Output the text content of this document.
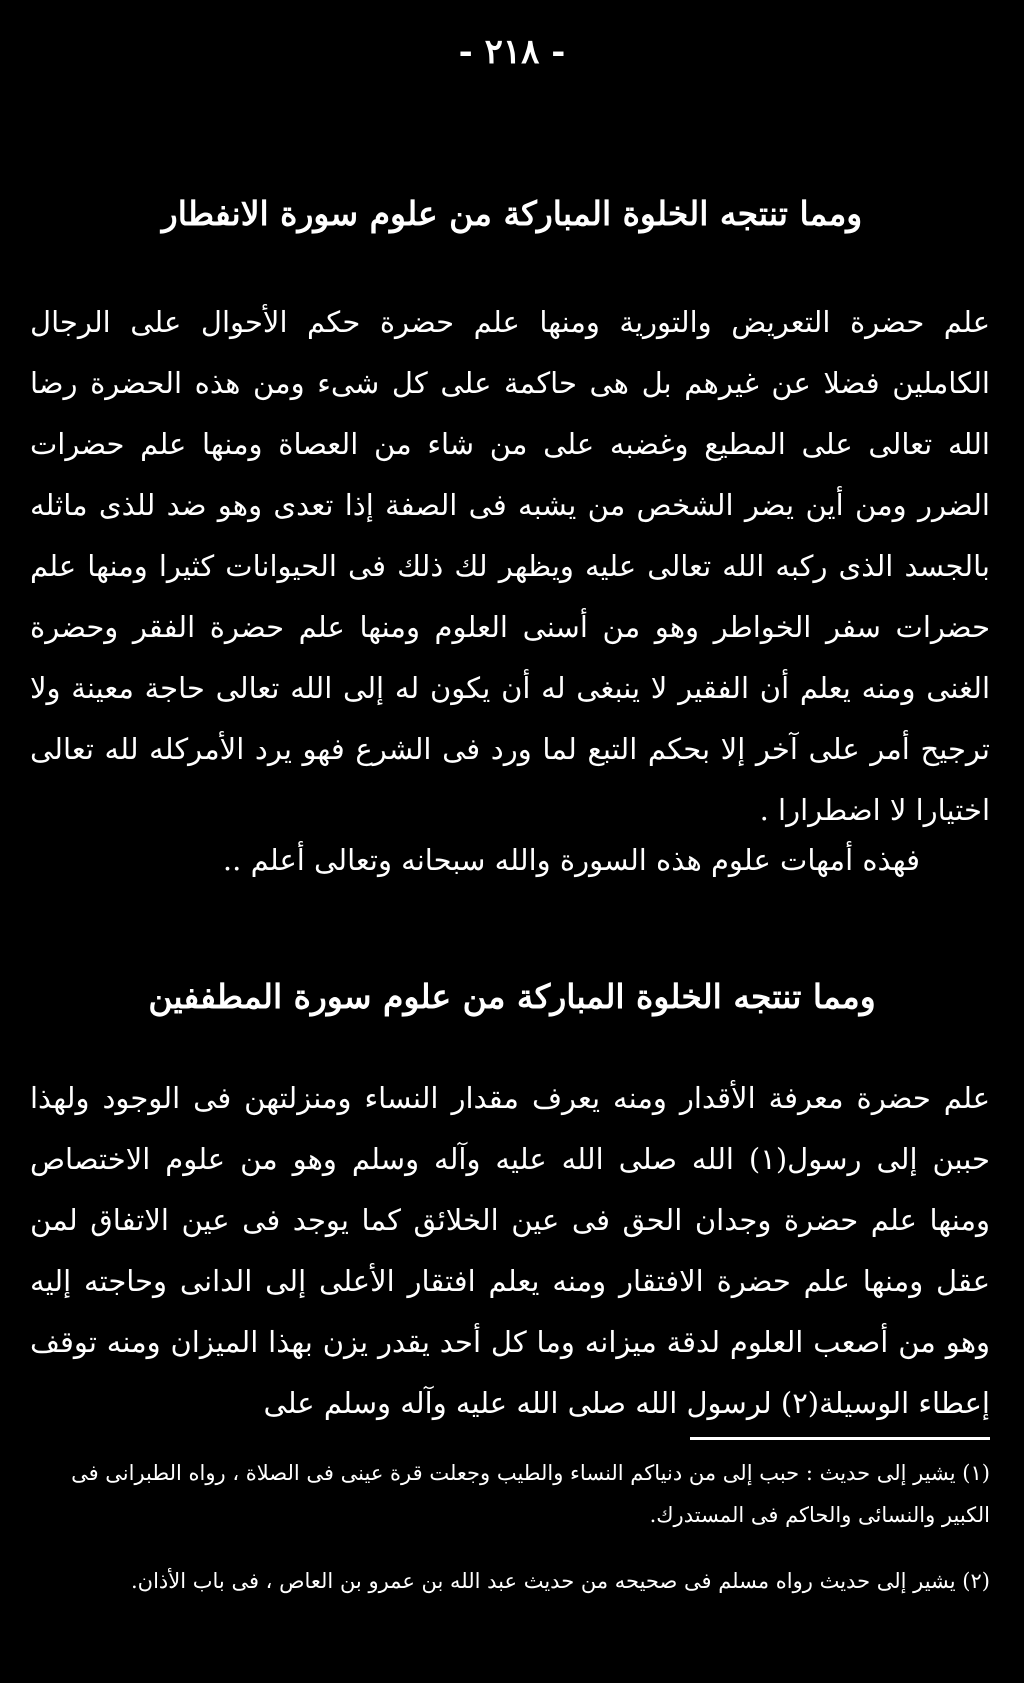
- ٢١٨ -
ومما تنتجه الخلوة المباركة من علوم سورة الانفطار

علم حضرة التعريض والتورية ومنها علم حضرة حكم الأحوال على الرجال الكاملين فضلا عن غيرهم بل هى حاكمة على كل شىء ومن هذه الحضرة رضا الله تعالى على المطيع وغضبه على من شاء من العصاة ومنها علم حضرات الضرر ومن أين يضر الشخص من يشبه فى الصفة إذا تعدى وهو ضد للذى ماثله بالجسد الذى ركبه الله تعالى عليه ويظهر لك ذلك فى الحيوانات كثيرا ومنها علم حضرات سفر الخواطر وهو من أسنى العلوم ومنها علم حضرة الفقر وحضرة الغنى ومنه يعلم أن الفقير لا ينبغى له أن يكون له إلى الله تعالى حاجة معينة ولا ترجيح أمر على آخر إلا بحكم التبع لما ورد فى الشرع فهو يرد الأمركله لله تعالى اختيارا لا اضطرارا .

فهذه أمهات علوم هذه السورة والله سبحانه وتعالى أعلم ..
ومما تنتجه الخلوة المباركة من علوم سورة المطففين

علم حضرة معرفة الأقدار ومنه يعرف مقدار النساء ومنزلتهن فى الوجود ولهذا حببن إلى رسول(١) الله صلى الله عليه وآله وسلم وهو من علوم الاختصاص ومنها علم حضرة وجدان الحق فى عين الخلائق كما يوجد فى عين الاتفاق لمن عقل ومنها علم حضرة الافتقار ومنه يعلم افتقار الأعلى إلى الدانى وحاجته إليه وهو من أصعب العلوم لدقة ميزانه وما كل أحد يقدر يزن بهذا الميزان ومنه توقف إعطاء الوسيلة(٢) لرسول الله صلى الله عليه وآله وسلم على

(١) يشير إلى حديث : حبب إلى من دنياكم النساء والطيب وجعلت قرة عينى فى الصلاة ، رواه الطبرانى فى الكبير والنسائى والحاكم فى المستدرك.

(٢) يشير إلى حديث رواه مسلم فى صحيحه من حديث عبد الله بن عمرو بن العاص ، فى باب الأذان.
